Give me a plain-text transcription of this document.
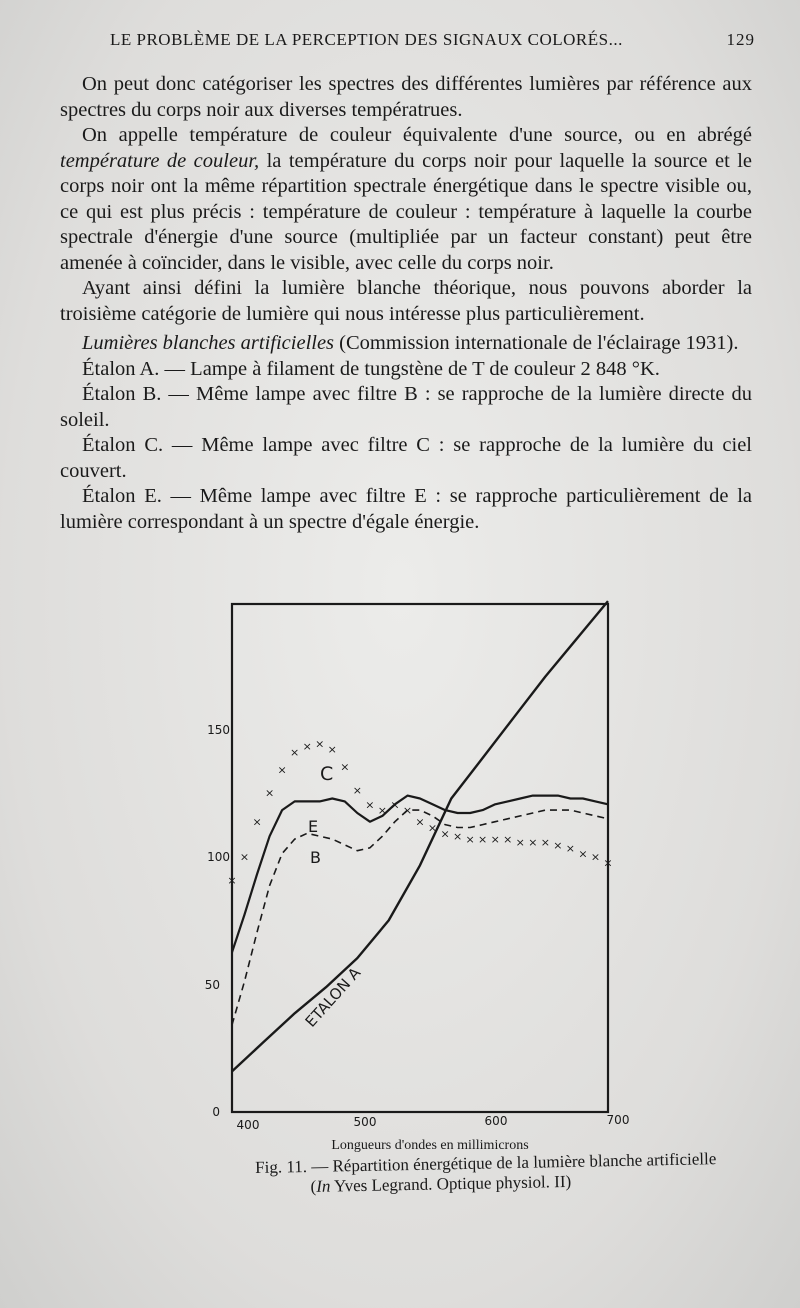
LE PROBLÈME DE LA PERCEPTION DES SIGNAUX COLORÉS...	129

On peut donc catégoriser les spectres des différentes lumières par référence aux spectres du corps noir aux diverses températrues.

On appelle température de couleur équivalente d'une source, ou en abrégé température de couleur, la température du corps noir pour laquelle la source et le corps noir ont la même répartition spectrale énergétique dans le spectre visible ou, ce qui est plus précis : température de couleur : température à laquelle la courbe spectrale d'énergie d'une source (multipliée par un facteur constant) peut être amenée à coïncider, dans le visible, avec celle du corps noir.

Ayant ainsi défini la lumière blanche théorique, nous pouvons aborder la troisième catégorie de lumière qui nous intéresse plus particulièrement.

Lumières blanches artificielles (Commission internationale de l'éclairage 1931).

Étalon A. — Lampe à filament de tungstène de T de couleur 2 848 °K.

Étalon B. — Même lampe avec filtre B : se rapproche de la lumière directe du soleil.

Étalon C. — Même lampe avec filtre C : se rapproche de la lumière du ciel couvert.

Étalon E. — Même lampe avec filtre E : se rapproche particulièrement de la lumière correspondant à un spectre d'égale énergie.

×
×
×
×
×
× × × ×
×
×
× × × ×
× × × × × × × × × × × × × × × ×
0
50
100
150
400	500	600	700
C
E
B
ETALON A
Longueurs d'ondes en millimicrons
Fig. 11. — Répartition énergétique de la lumière blanche artificielle
(In Yves Legrand. Optique physiol. II)
